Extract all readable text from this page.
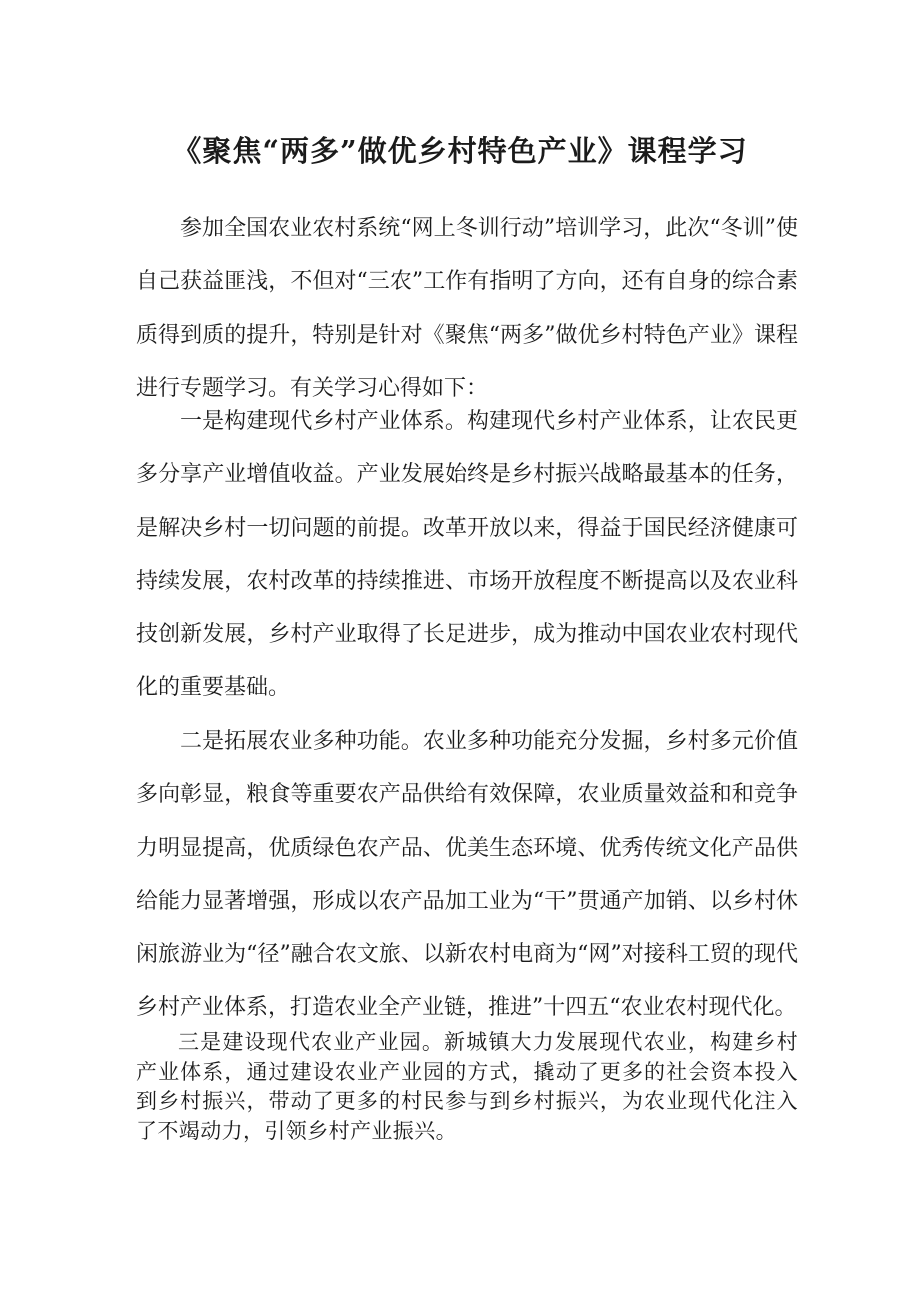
《聚焦“两多”做优乡村特色产业》课程学习

参加全国农业农村系统“网上冬训行动”培训学习，此次“冬训”使自己获益匪浅，不但对“三农”工作有指明了方向，还有自身的综合素质得到质的提升，特别是针对《聚焦“两多”做优乡村特色产业》课程进行专题学习。有关学习心得如下：

一是构建现代乡村产业体系。构建现代乡村产业体系，让农民更多分享产业增值收益。产业发展始终是乡村振兴战略最基本的任务，是解决乡村一切问题的前提。改革开放以来，得益于国民经济健康可持续发展，农村改革的持续推进、市场开放程度不断提高以及农业科技创新发展，乡村产业取得了长足进步，成为推动中国农业农村现代化的重要基础。

二是拓展农业多种功能。农业多种功能充分发掘，乡村多元价值多向彰显，粮食等重要农产品供给有效保障，农业质量效益和和竞争力明显提高，优质绿色农产品、优美生态环境、优秀传统文化产品供给能力显著增强，形成以农产品加工业为“干”贯通产加销、以乡村休闲旅游业为“径”融合农文旅、以新农村电商为“网”对接科工贸的现代乡村产业体系，打造农业全产业链，推进”十四五“农业农村现代化。

三是建设现代农业产业园。新城镇大力发展现代农业，构建乡村产业体系，通过建设农业产业园的方式，撬动了更多的社会资本投入到乡村振兴，带动了更多的村民参与到乡村振兴，为农业现代化注入了不竭动力，引领乡村产业振兴。
